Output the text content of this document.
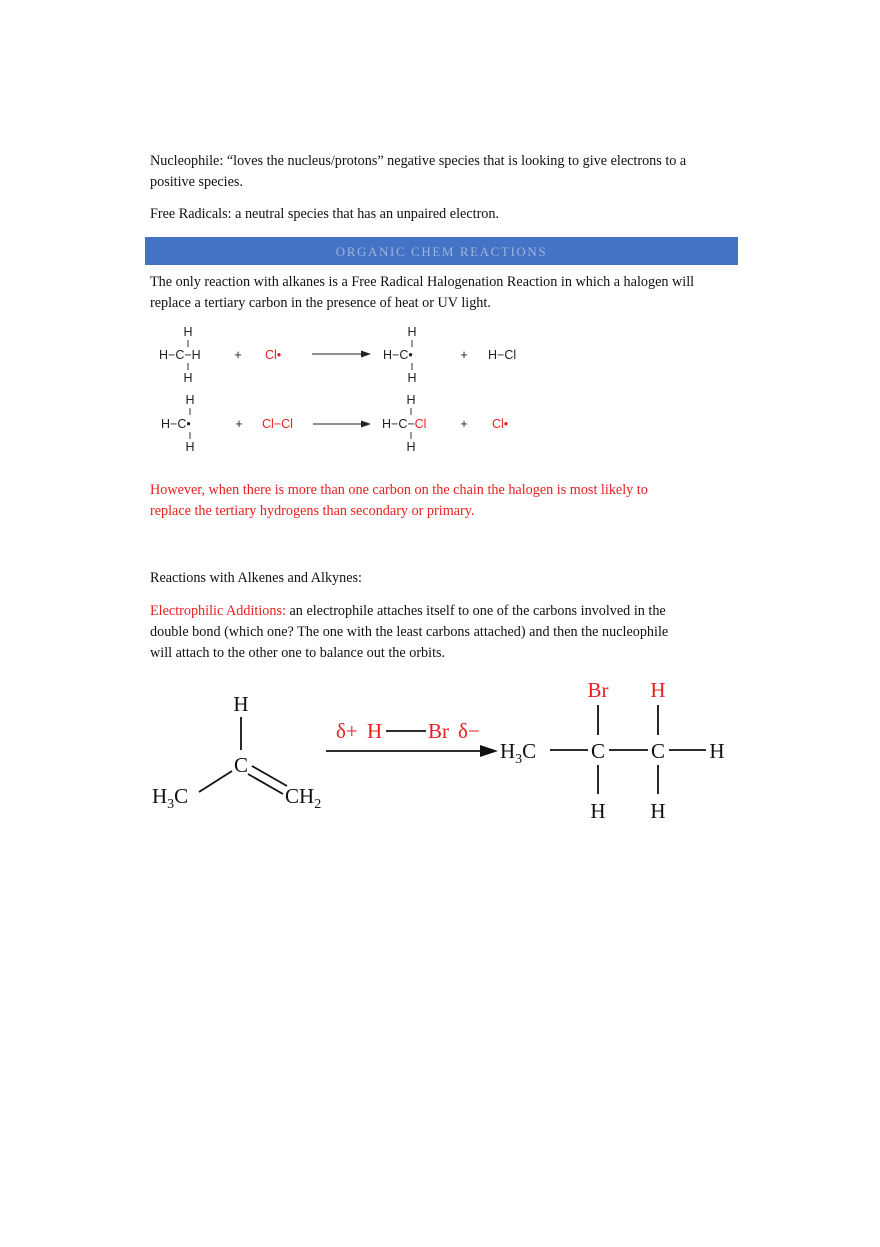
Nucleophile: “loves the nucleus/protons” negative species that is looking to give electrons to a
positive species.

Free Radicals: a neutral species that has an unpaired electron.

ORGANIC CHEM REACTIONS

The only reaction with alkanes is a Free Radical Halogenation Reaction in which a halogen will
replace a tertiary carbon in the presence of heat or UV light.

H
H−C−H
H
+ Cl•
H
H−C•
H
+ H−Cl
H
H−C•
H
+ Cl−Cl
H
H−C−Cl
H
+ Cl•

However, when there is more than one carbon on the chain the halogen is most likely to
replace the tertiary hydrogens than secondary or primary.

Reactions with Alkenes and Alkynes:

Electrophilic Additions: an electrophile attaches itself to one of the carbons involved in the
double bond (which one? The one with the least carbons attached) and then the nucleophile
will attach to the other one to balance out the orbits.

H
C
$H_3C$	$CH_2$
δ+ H Br δ−
Br H
$H_3C$	C C H
H H
